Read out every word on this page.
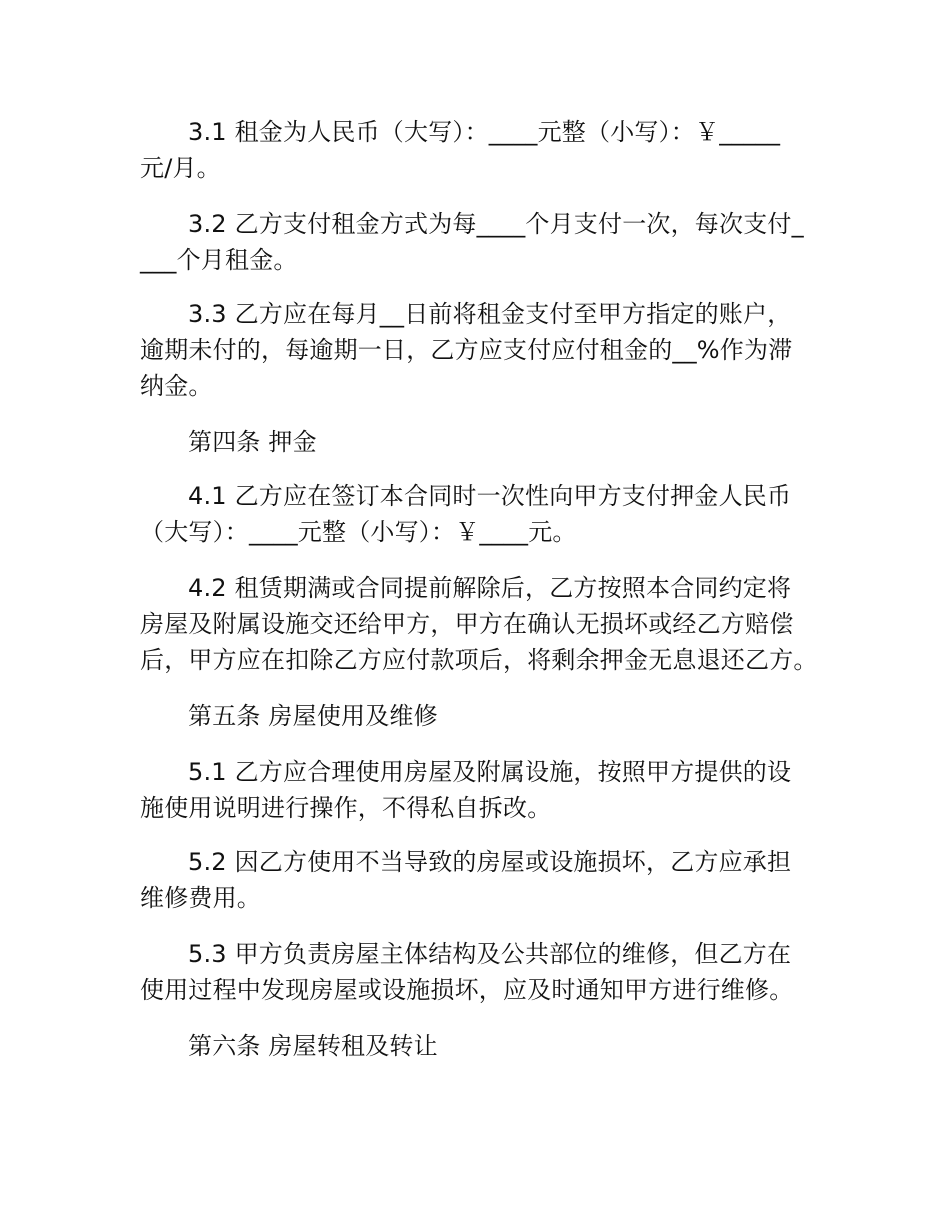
3.1 租金为人民币（大写）：____元整（小写）：￥_____
元/月。
3.2 乙方支付租金方式为每____个月支付一次，每次支付_
___个月租金。
3.3 乙方应在每月__日前将租金支付至甲方指定的账户，
逾期未付的，每逾期一日，乙方应支付应付租金的__%作为滞
纳金。
第四条 押金
4.1 乙方应在签订本合同时一次性向甲方支付押金人民币
（大写）：____元整（小写）：￥____元。
4.2 租赁期满或合同提前解除后，乙方按照本合同约定将
房屋及附属设施交还给甲方，甲方在确认无损坏或经乙方赔偿
后，甲方应在扣除乙方应付款项后，将剩余押金无息退还乙方。
第五条 房屋使用及维修
5.1 乙方应合理使用房屋及附属设施，按照甲方提供的设
施使用说明进行操作，不得私自拆改。
5.2 因乙方使用不当导致的房屋或设施损坏，乙方应承担
维修费用。
5.3 甲方负责房屋主体结构及公共部位的维修，但乙方在
使用过程中发现房屋或设施损坏，应及时通知甲方进行维修。
第六条 房屋转租及转让
